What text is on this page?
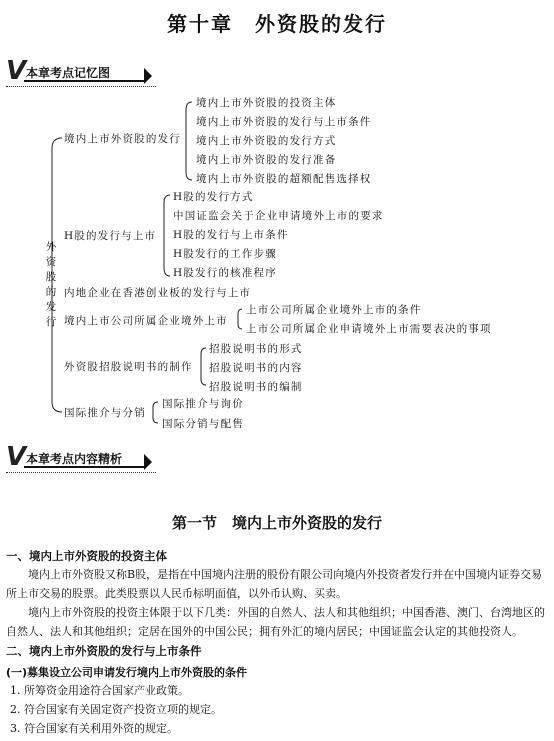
第十章　外资股的发行
Ⅴ 本章考点记忆图
外资股的发行
境内上市外资股的发行
境内上市外资股的投资主体
境内上市外资股的发行与上市条件
境内上市外资股的发行方式
境内上市外资股的发行准备
境内上市外资股的超额配售选择权
H股的发行与上市
H股的发行方式
中国证监会关于企业申请境外上市的要求
H股的发行与上市条件
H股发行的工作步骤
H股发行的核准程序
内地企业在香港创业板的发行与上市
境内上市公司所属企业境外上市
上市公司所属企业境外上市的条件
上市公司所属企业申请境外上市需要表决的事项
外资股招股说明书的制作
招股说明书的形式
招股说明书的内容
招股说明书的编制
国际推介与分销
国际推介与询价
国际分销与配售
Ⅴ 本章考点内容精析
第一节　境内上市外资股的发行
一、境内上市外资股的投资主体
境内上市外资股又称B股，是指在中国境内注册的股份有限公司向境内外投资者发行并在中国境内证券交易所上市交易的股票。此类股票以人民币标明面值，以外币认购、买卖。
境内上市外资股的投资主体限于以下几类：外国的自然人、法人和其他组织；中国香港、澳门、台湾地区的自然人、法人和其他组织；定居在国外的中国公民；拥有外汇的境内居民；中国证监会认定的其他投资人。
二、境内上市外资股的发行与上市条件
(一)募集设立公司申请发行境内上市外资股的条件
1. 所筹资金用途符合国家产业政策。
2. 符合国家有关固定资产投资立项的规定。
3. 符合国家有关利用外资的规定。
